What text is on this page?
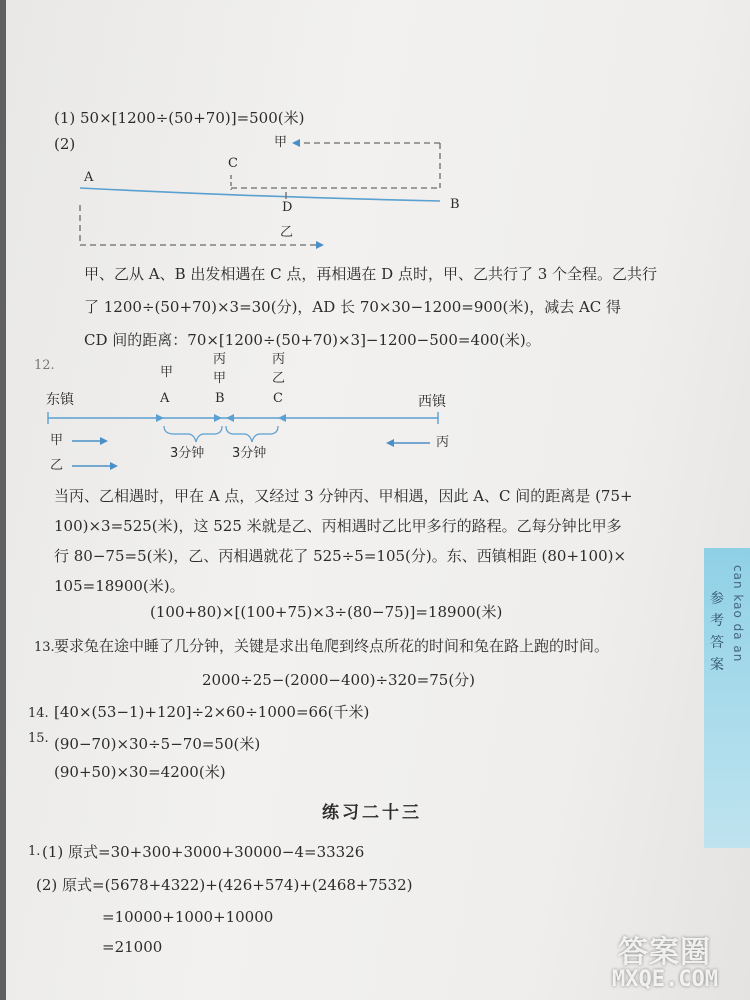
(1) 50×[1200÷(50+70)]=500(米)
(2)	甲
A
C
D	B
乙
甲、乙从 A、B 出发相遇在 C 点，再相遇在 D 点时，甲、乙共行了 3 个全程。乙共行
了 1200÷(50+70)×3=30(分)，AD 长 70×30−1200=900(米)，减去 AC 得
CD 间的距离：70×[1200÷(50+70)×3]−1200−500=400(米)。
12.
东镇	西镇
甲
A
丙
甲
B
丙
乙
C
甲
乙
丙
3分钟 3分钟
当丙、乙相遇时，甲在 A 点，又经过 3 分钟丙、甲相遇，因此 A、C 间的距离是 (75+
100)×3=525(米)，这 525 米就是乙、丙相遇时乙比甲多行的路程。乙每分钟比甲多
行 80−75=5(米)，乙、丙相遇就花了 525÷5=105(分)。东、西镇相距 (80+100)×
105=18900(米)。
(100+80)×[(100+75)×3÷(80−75)]=18900(米)
13. 要求兔在途中睡了几分钟，关键是求出龟爬到终点所花的时间和兔在路上跑的时间。
2000÷25−(2000−400)÷320=75(分)
14. [40×(53−1)+120]÷2×60÷1000=66(千米)
15. (90−70)×30÷5−70=50(米)
(90+50)×30=4200(米)
练习二十三
1. (1) 原式=30+300+3000+30000−4=33326
(2) 原式=(5678+4322)+(426+574)+(2468+7532)
=10000+1000+10000
=21000
参考答案
can kao da an
答案圈
MXQE.COM
